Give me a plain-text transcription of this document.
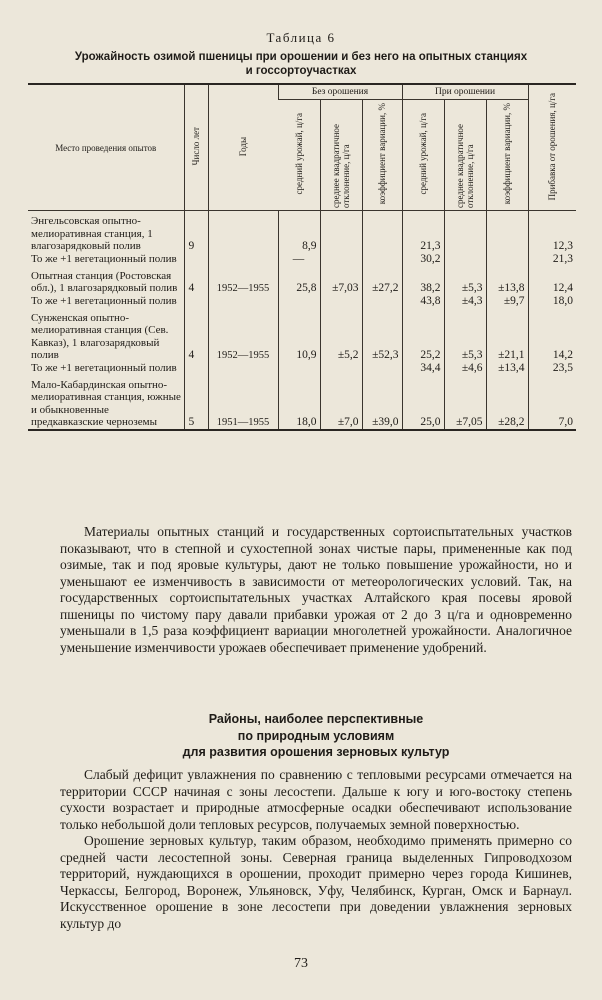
Таблица 6
Урожайность озимой пшеницы при орошении и без него на опытных станциях
и госсортоучастках
Место проведения опытов	Число лет	Годы	Без орошения			При орошении			Прибавка от орошения, ц/га
			средний урожай, ц/га	среднее квадратичное отклонение, ц/га	коэффициент вариации, %	средний урожай, ц/га	среднее квадратичное отклонение, ц/га	коэффициент вариации, %	

Энгельсовская опытно-мелиоративная станция, 1 влагозарядковый полив	9		8,9			21,3			12,3
То же +1 вегетационный полив			—			30,2			21,3

Опытная станция (Ростовская обл.), 1 влагозарядковый полив	4	1952—1955	25,8	±7,03	±27,2	38,2	±5,3	±13,8	12,4
То же +1 вегетационный полив						43,8	±4,3	±9,7	18,0

Сунженская опытно-мелиоративная станция (Сев. Кавказ), 1 влагозарядковый полив	4	1952—1955	10,9	±5,2	±52,3	25,2	±5,3	±21,1	14,2
То же +1 вегетационный полив						34,4	±4,6	±13,4	23,5

Мало-Кабардинская опытно-мелиоративная станция, южные и обыкновенные предкавказские черноземы	5	1951—1955	18,0	±7,0	±39,0	25,0	±7,05	±28,2	7,0

Материалы опытных станций и государственных сортоиспытательных участков показывают, что в степной и сухостепной зонах чистые пары, примененные как под озимые, так и под яровые культуры, дают не только повышение урожайности, но и уменьшают ее изменчивость в зависимости от метеорологических условий. Так, на государственных сортоиспытательных участках Алтайского края посевы яровой пшеницы по чистому пару давали прибавки урожая от 2 до 3 ц/га и одновременно уменьшали в 1,5 раза коэффициент вариации многолетней урожайности. Аналогичное уменьшение изменчивости урожаев обеспечивает применение удобрений.

Районы, наиболее перспективные
по природным условиям
для развития орошения зерновых культур

Слабый дефицит увлажнения по сравнению с тепловыми ресурсами отмечается на территории СССР начиная с зоны лесостепи. Дальше к югу и юго-востоку степень сухости возрастает и природные атмосферные осадки обеспечивают использование только небольшой доли тепловых ресурсов, получаемых земной поверхностью.

Орошение зерновых культур, таким образом, необходимо применять примерно со средней части лесостепной зоны. Северная граница выделенных Гипроводхозом территорий, нуждающихся в орошении, проходит примерно через города Кишинев, Черкассы, Белгород, Воронеж, Ульяновск, Уфу, Челябинск, Курган, Омск и Барнаул. Искусственное орошение в зоне лесостепи при доведении увлажнения зерновых культур до

73
